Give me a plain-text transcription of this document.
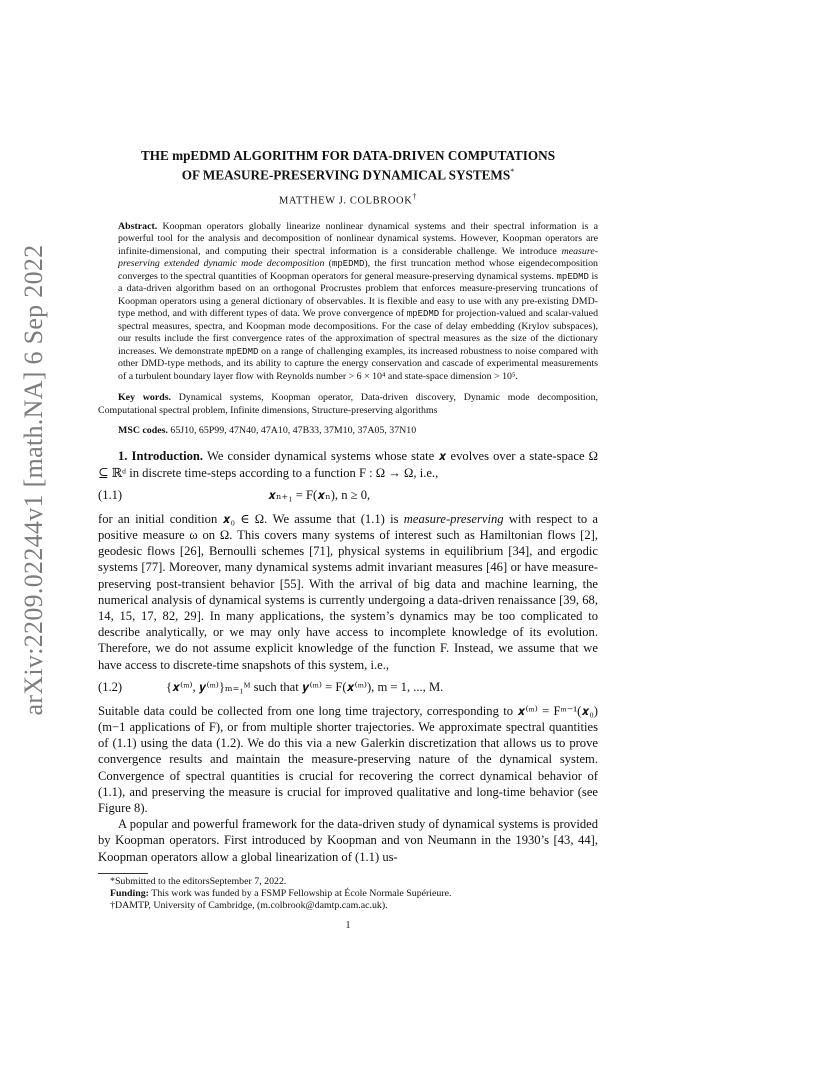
arXiv:2209.02244v1 [math.NA] 6 Sep 2022
THE mpEDMD ALGORITHM FOR DATA-DRIVEN COMPUTATIONS
OF MEASURE-PRESERVING DYNAMICAL SYSTEMS*
MATTHEW J. COLBROOK†
Abstract. Koopman operators globally linearize nonlinear dynamical systems and their spectral information is a powerful tool for the analysis and decomposition of nonlinear dynamical systems. However, Koopman operators are infinite-dimensional, and computing their spectral information is a considerable challenge. We introduce measure-preserving extended dynamic mode decomposition (mpEDMD), the first truncation method whose eigendecomposition converges to the spectral quantities of Koopman operators for general measure-preserving dynamical systems. mpEDMD is a data-driven algorithm based on an orthogonal Procrustes problem that enforces measure-preserving truncations of Koopman operators using a general dictionary of observables. It is flexible and easy to use with any pre-existing DMD-type method, and with different types of data. We prove convergence of mpEDMD for projection-valued and scalar-valued spectral measures, spectra, and Koopman mode decompositions. For the case of delay embedding (Krylov subspaces), our results include the first convergence rates of the approximation of spectral measures as the size of the dictionary increases. We demonstrate mpEDMD on a range of challenging examples, its increased robustness to noise compared with other DMD-type methods, and its ability to capture the energy conservation and cascade of experimental measurements of a turbulent boundary layer flow with Reynolds number > 6 × 10⁴ and state-space dimension > 10⁵.
Key words. Dynamical systems, Koopman operator, Data-driven discovery, Dynamic mode decomposition, Computational spectral problem, Infinite dimensions, Structure-preserving algorithms
MSC codes. 65J10, 65P99, 47N40, 47A10, 47B33, 37M10, 37A05, 37N10

1. Introduction. We consider dynamical systems whose state 𝒙 evolves over a state-space Ω ⊆ ℝᵈ in discrete time-steps according to a function F : Ω → Ω, i.e.,

(1.1)	𝒙ₙ₊₁ = F(𝒙ₙ), n ≥ 0,

for an initial condition 𝒙₀ ∈ Ω. We assume that (1.1) is measure-preserving with respect to a positive measure ω on Ω. This covers many systems of interest such as Hamiltonian flows [2], geodesic flows [26], Bernoulli schemes [71], physical systems in equilibrium [34], and ergodic systems [77]. Moreover, many dynamical systems admit invariant measures [46] or have measure-preserving post-transient behavior [55]. With the arrival of big data and machine learning, the numerical analysis of dynamical systems is currently undergoing a data-driven renaissance [39, 68, 14, 15, 17, 82, 29]. In many applications, the system’s dynamics may be too complicated to describe analytically, or we may only have access to incomplete knowledge of its evolution. Therefore, we do not assume explicit knowledge of the function F. Instead, we assume that we have access to discrete-time snapshots of this system, i.e.,

(1.2)	{𝒙⁽ᵐ⁾, 𝒚⁽ᵐ⁾}ₘ₌₁ᴹ such that 𝒚⁽ᵐ⁾ = F(𝒙⁽ᵐ⁾), m = 1, ..., M.

Suitable data could be collected from one long time trajectory, corresponding to 𝒙⁽ᵐ⁾ = Fᵐ⁻¹(𝒙₀) (m−1 applications of F), or from multiple shorter trajectories. We approximate spectral quantities of (1.1) using the data (1.2). We do this via a new Galerkin discretization that allows us to prove convergence results and maintain the measure-preserving nature of the dynamical system. Convergence of spectral quantities is crucial for recovering the correct dynamical behavior of (1.1), and preserving the measure is crucial for improved qualitative and long-time behavior (see Figure 8).

A popular and powerful framework for the data-driven study of dynamical systems is provided by Koopman operators. First introduced by Koopman and von Neumann in the 1930’s [43, 44], Koopman operators allow a global linearization of (1.1) us-

*Submitted to the editorsSeptember 7, 2022.
Funding: This work was funded by a FSMP Fellowship at École Normale Supérieure.
†DAMTP, University of Cambridge, (m.colbrook@damtp.cam.ac.uk).
1
